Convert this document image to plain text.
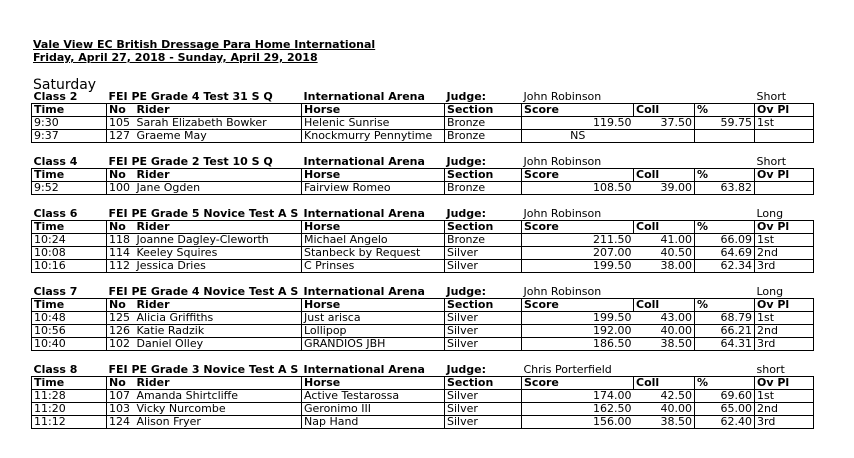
Vale View EC British Dressage Para Home International
Friday, April 27, 2018 - Sunday, April 29, 2018
Saturday
Class 2	FEI PE Grade 4 Test 31 S Q		International Arena	Judge:	John Robinson			Short
Time	No	Rider	Horse	Section	Score	Coll	%	Ov Pl
9:30	105	Sarah Elizabeth Bowker	Helenic Sunrise	Bronze	119.50	37.50	59.75	1st
9:37	127	Graeme May	Knockmurry Pennytime	Bronze	NS			
Class 4	FEI PE Grade 2 Test 10 S Q		International Arena	Judge:	John Robinson			Short
Time	No	Rider	Horse	Section	Score	Coll	%	Ov Pl
9:52	100	Jane Ogden	Fairview Romeo	Bronze	108.50	39.00	63.82	
Class 6	FEI PE Grade 5 Novice Test A S		International Arena	Judge:	John Robinson			Long
Time	No	Rider	Horse	Section	Score	Coll	%	Ov Pl
10:24	118	Joanne Dagley-Cleworth	Michael Angelo	Bronze	211.50	41.00	66.09	1st
10:08	114	Keeley Squires	Stanbeck by Request	Silver	207.00	40.50	64.69	2nd
10:16	112	Jessica Dries	C Prinses	Silver	199.50	38.00	62.34	3rd
Class 7	FEI PE Grade 4 Novice Test A S		International Arena	Judge:	John Robinson			Long
Time	No	Rider	Horse	Section	Score	Coll	%	Ov Pl
10:48	125	Alicia Griffiths	Just arisca	Silver	199.50	43.00	68.79	1st
10:56	126	Katie Radzik	Lollipop	Silver	192.00	40.00	66.21	2nd
10:40	102	Daniel Olley	GRANDIOS JBH	Silver	186.50	38.50	64.31	3rd
Class 8	FEI PE Grade 3 Novice Test A S		International Arena	Judge:	Chris Porterfield			short
Time	No	Rider	Horse	Section	Score	Coll	%	Ov Pl
11:28	107	Amanda Shirtcliffe	Active Testarossa	Silver	174.00	42.50	69.60	1st
11:20	103	Vicky Nurcombe	Geronimo III	Silver	162.50	40.00	65.00	2nd
11:12	124	Alison Fryer	Nap Hand	Silver	156.00	38.50	62.40	3rd
